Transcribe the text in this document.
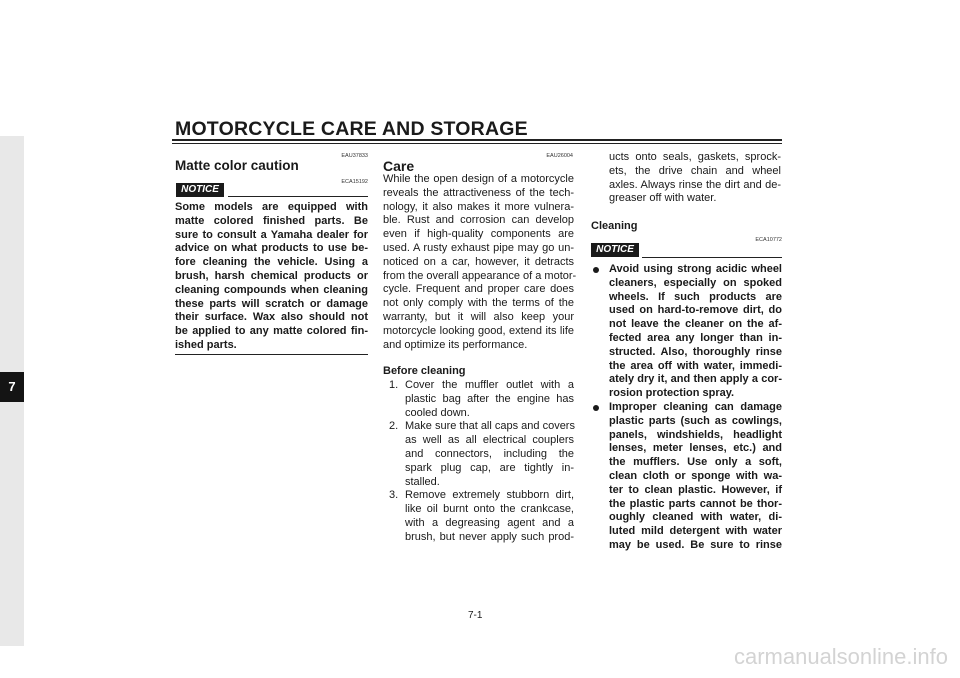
MOTORCYCLE CARE AND STORAGE
7
EAU37833
Matte color caution
NOTICE
ECA15192
Some models are equipped with
matte colored finished parts. Be
sure to consult a Yamaha dealer for
advice on what products to use be-
fore cleaning the vehicle. Using a
brush, harsh chemical products or
cleaning compounds when cleaning
these parts will scratch or damage
their surface. Wax also should not
be applied to any matte colored fin-
ished parts.
EAU26004
Care
While the open design of a motorcycle
reveals the attractiveness of the tech-
nology, it also makes it more vulnera-
ble. Rust and corrosion can develop
even if high-quality components are
used. A rusty exhaust pipe may go un-
noticed on a car, however, it detracts
from the overall appearance of a motor-
cycle. Frequent and proper care does
not only comply with the terms of the
warranty, but it will also keep your
motorcycle looking good, extend its life
and optimize its performance.
Before cleaning
1. Cover the muffler outlet with a
plastic bag after the engine has
cooled down.
2. Make sure that all caps and covers
as well as all electrical couplers
and connectors, including the
spark plug cap, are tightly in-
stalled.
3. Remove extremely stubborn dirt,
like oil burnt onto the crankcase,
with a degreasing agent and a
brush, but never apply such prod-
ucts onto seals, gaskets, sprock-
ets, the drive chain and wheel
axles. Always rinse the dirt and de-
greaser off with water.
Cleaning
NOTICE
ECA10772
Avoid using strong acidic wheel
cleaners, especially on spoked
wheels. If such products are
used on hard-to-remove dirt, do
not leave the cleaner on the af-
fected area any longer than in-
structed. Also, thoroughly rinse
the area off with water, immedi-
ately dry it, and then apply a cor-
rosion protection spray.
Improper cleaning can damage
plastic parts (such as cowlings,
panels, windshields, headlight
lenses, meter lenses, etc.) and
the mufflers. Use only a soft,
clean cloth or sponge with wa-
ter to clean plastic. However, if
the plastic parts cannot be thor-
oughly cleaned with water, di-
luted mild detergent with water
may be used. Be sure to rinse
7-1
carmanualsonline.info
